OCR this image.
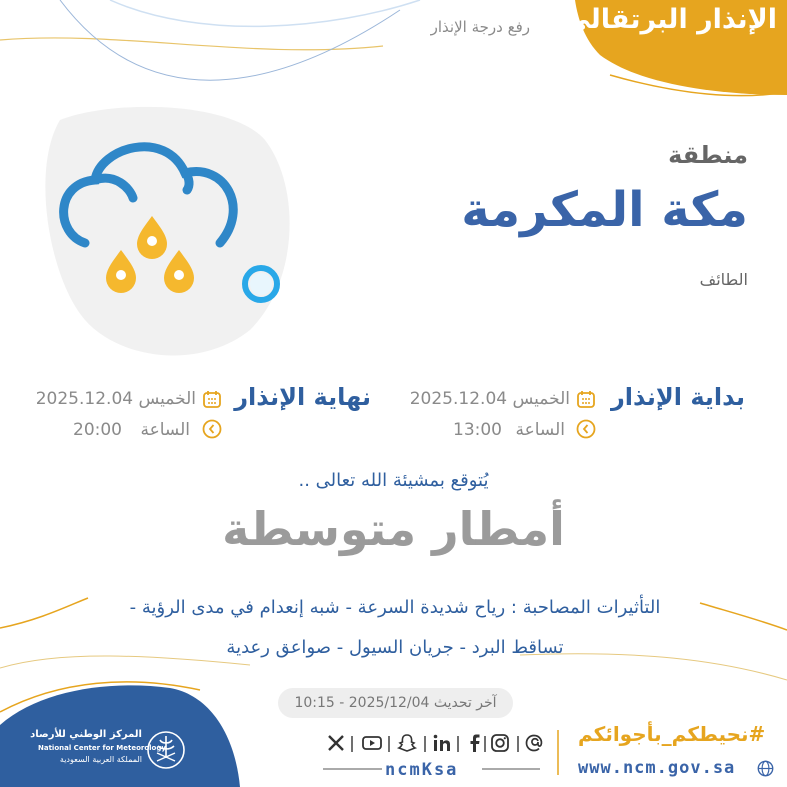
الإنذار البرتقالي
رفع درجة الإنذار
منطقة
مكة المكرمة
الطائف
بداية الإنذار
الخميس 2025.12.04
الساعة
13:00
نهاية الإنذار
الخميس 2025.12.04
الساعة
20:00
يُتوقع بمشيئة الله تعالى ..
أمطار متوسطة
التأثيرات المصاحبة : رياح شديدة السرعة - شبه إنعدام في مدى الرؤية -
تساقط البرد - جريان السيول - صواعق رعدية
آخر تحديث 2025/12/04 - 10:15
#نحيطكم_بأجوائكم
www.ncm.gov.sa
ncmKsa
المركز الوطني للأرصاد
National Center for Meteorology
المملكة العربية السعودية
